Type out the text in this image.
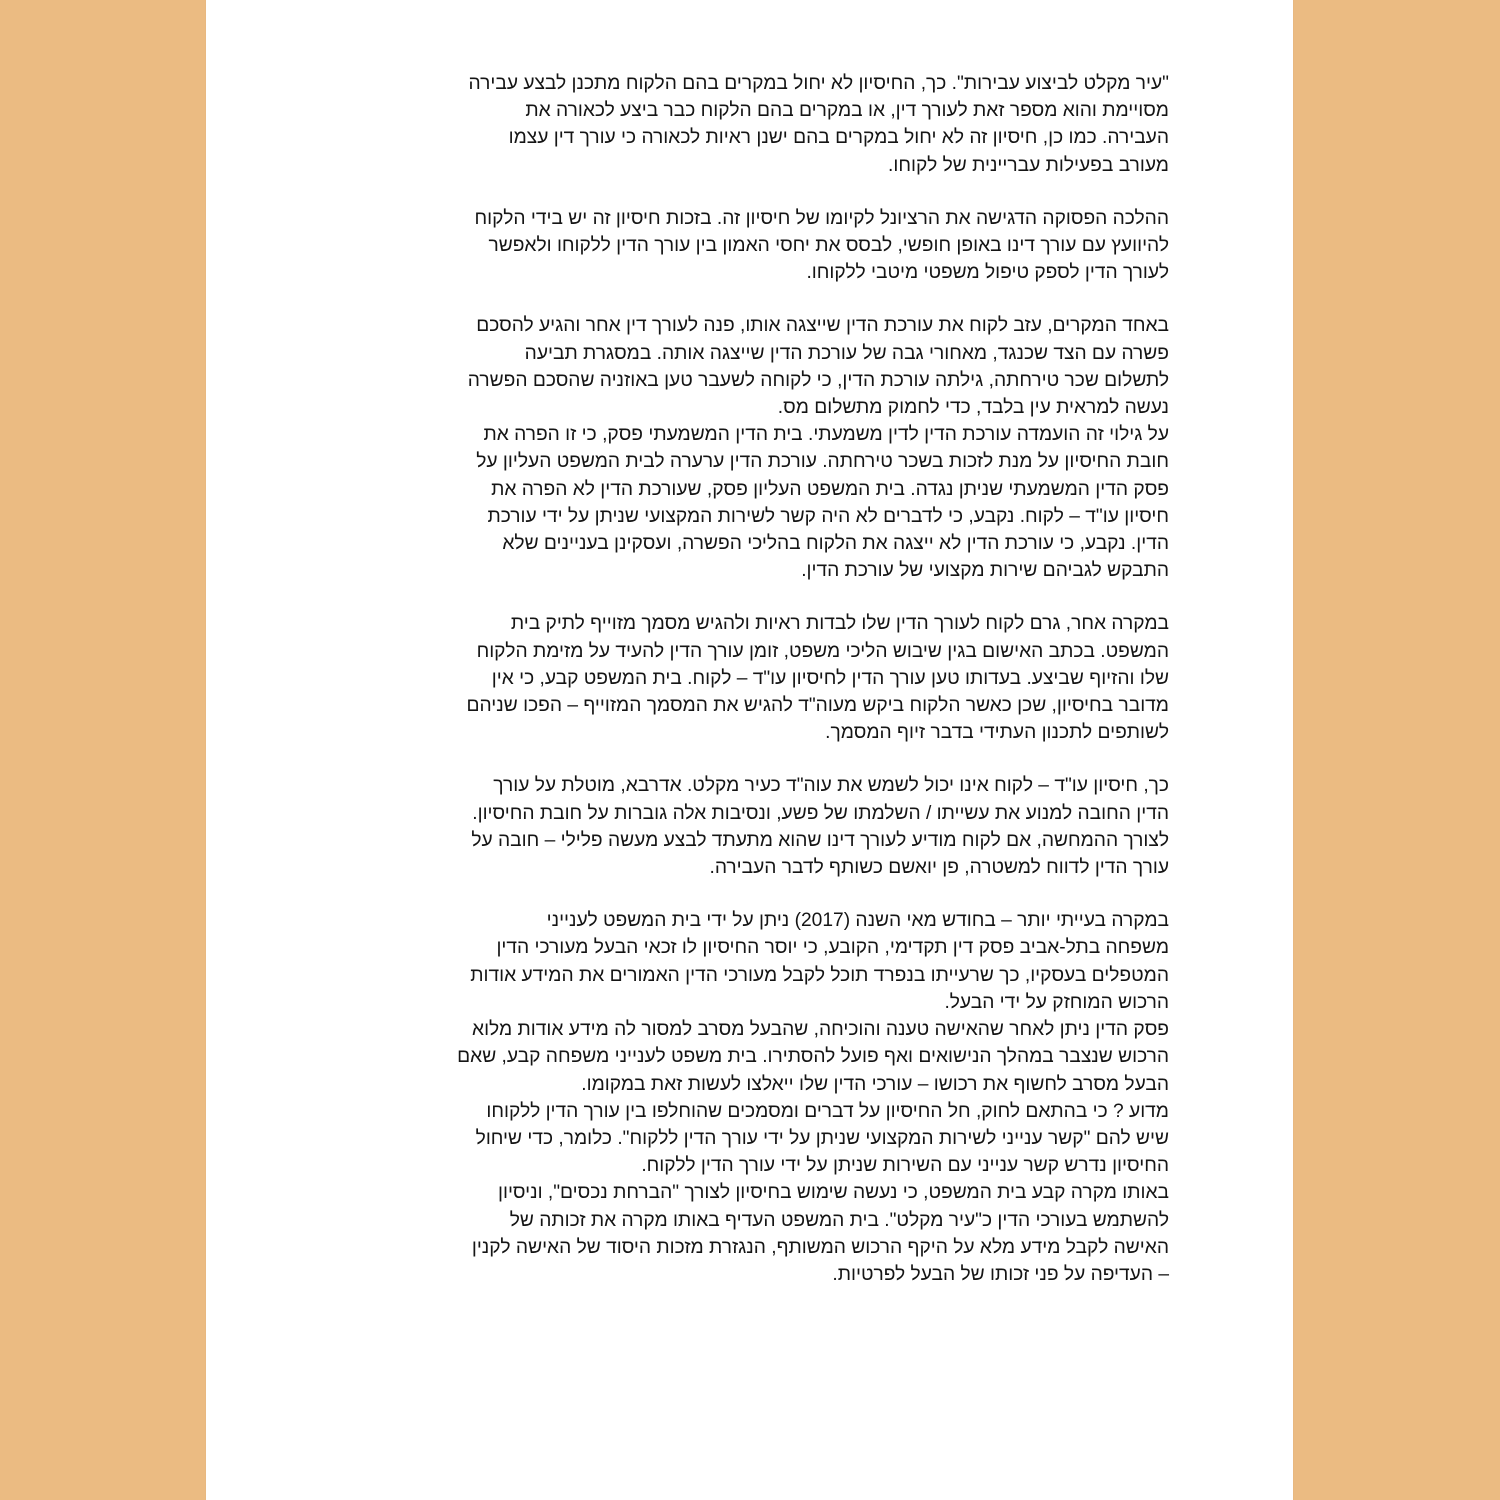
"עיר מקלט לביצוע עבירות". כך, החיסיון לא יחול במקרים בהם הלקוח מתכנן לבצע עבירה
מסויימת והוא מספר זאת לעורך דין, או במקרים בהם הלקוח כבר ביצע לכאורה את
העבירה. כמו כן, חיסיון זה לא יחול במקרים בהם ישנן ראיות לכאורה כי עורך דין עצמו
מעורב בפעילות עבריינית של לקוחו.

ההלכה הפסוקה הדגישה את הרציונל לקיומו של חיסיון זה. בזכות חיסיון זה יש בידי הלקוח
להיוועץ עם עורך דינו באופן חופשי, לבסס את יחסי האמון בין עורך הדין ללקוחו ולאפשר
לעורך הדין לספק טיפול משפטי מיטבי ללקוחו.

באחד המקרים, עזב לקוח את עורכת הדין שייצגה אותו, פנה לעורך דין אחר והגיע להסכם
פשרה עם הצד שכנגד, מאחורי גבה של עורכת הדין שייצגה אותה. במסגרת תביעה
לתשלום שכר טירחתה, גילתה עורכת הדין, כי לקוחה לשעבר טען באוזניה שהסכם הפשרה
נעשה למראית עין בלבד, כדי לחמוק מתשלום מס.

על גילוי זה הועמדה עורכת הדין לדין משמעתי. בית הדין המשמעתי פסק, כי זו הפרה את
חובת החיסיון על מנת לזכות בשכר טירחתה. עורכת הדין ערערה לבית המשפט העליון על
פסק הדין המשמעתי שניתן נגדה. בית המשפט העליון פסק, שעורכת הדין לא הפרה את
חיסיון עו"ד – לקוח. נקבע, כי לדברים לא היה קשר לשירות המקצועי שניתן על ידי עורכת
הדין. נקבע, כי עורכת הדין לא ייצגה את הלקוח בהליכי הפשרה, ועסקינן בעניינים שלא
התבקש לגביהם שירות מקצועי של עורכת הדין.

במקרה אחר, גרם לקוח לעורך הדין שלו לבדות ראיות ולהגיש מסמך מזוייף לתיק בית
המשפט. בכתב האישום בגין שיבוש הליכי משפט, זומן עורך הדין להעיד על מזימת הלקוח
שלו והזיוף שביצע. בעדותו טען עורך הדין לחיסיון עו"ד – לקוח. בית המשפט קבע, כי אין
מדובר בחיסיון, שכן כאשר הלקוח ביקש מעוה"ד להגיש את המסמך המזוייף – הפכו שניהם
לשותפים לתכנון העתידי בדבר זיוף המסמך.

כך, חיסיון עו"ד – לקוח אינו יכול לשמש את עוה"ד כעיר מקלט. אדרבא, מוטלת על עורך
הדין החובה למנוע את עשייתו / השלמתו של פשע, ונסיבות אלה גוברות על חובת החיסיון.
לצורך ההמחשה, אם לקוח מודיע לעורך דינו שהוא מתעתד לבצע מעשה פלילי – חובה על
עורך הדין לדווח למשטרה, פן יואשם כשותף לדבר העבירה.

במקרה בעייתי יותר – בחודש מאי השנה (2017) ניתן על ידי בית המשפט לענייני
משפחה בתל-אביב פסק דין תקדימי, הקובע, כי יוסר החיסיון לו זכאי הבעל מעורכי הדין
המטפלים בעסקיו, כך שרעייתו בנפרד תוכל לקבל מעורכי הדין האמורים את המידע אודות
הרכוש המוחזק על ידי הבעל.

פסק הדין ניתן לאחר שהאישה טענה והוכיחה, שהבעל מסרב למסור לה מידע אודות מלוא
הרכוש שנצבר במהלך הנישואים ואף פועל להסתירו. בית משפט לענייני משפחה קבע, שאם
הבעל מסרב לחשוף את רכושו – עורכי הדין שלו ייאלצו לעשות זאת במקומו.

מדוע ? כי בהתאם לחוק, חל החיסיון על דברים ומסמכים שהוחלפו בין עורך הדין ללקוחו
שיש להם "קשר ענייני לשירות המקצועי שניתן על ידי עורך הדין ללקוח". כלומר, כדי שיחול
החיסיון נדרש קשר ענייני עם השירות שניתן על ידי עורך הדין ללקוח.

באותו מקרה קבע בית המשפט, כי נעשה שימוש בחיסיון לצורך "הברחת נכסים", וניסיון
להשתמש בעורכי הדין כ"עיר מקלט". בית המשפט העדיף באותו מקרה את זכותה של
האישה לקבל מידע מלא על היקף הרכוש המשותף, הנגזרת מזכות היסוד של האישה לקנין
– העדיפה על פני זכותו של הבעל לפרטיות.
